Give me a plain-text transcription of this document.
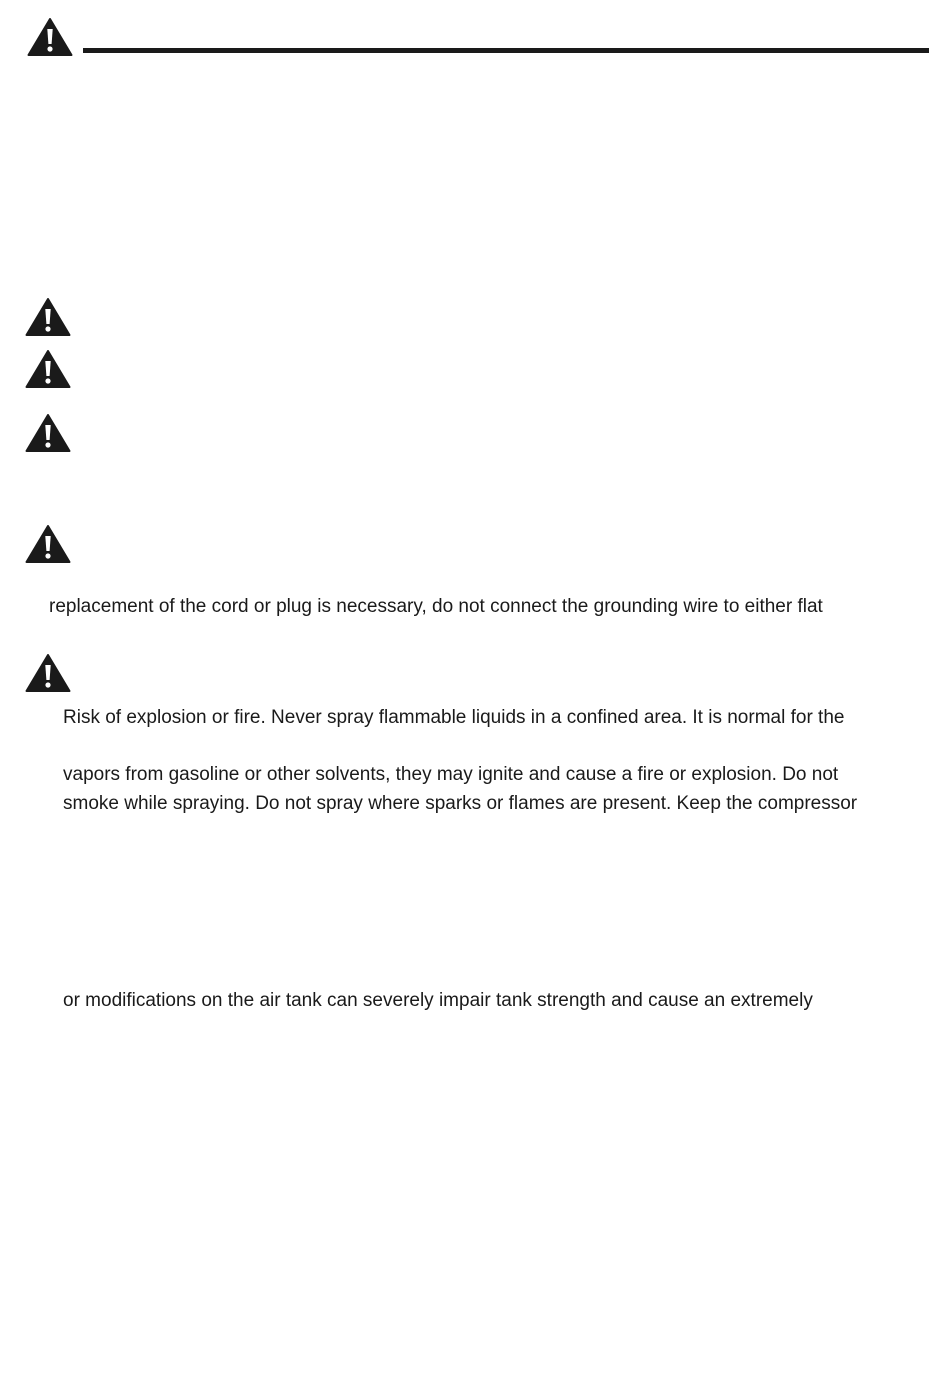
replacement of the cord or plug is necessary, do not connect the grounding wire to either flat
Risk of explosion or fire. Never spray flammable liquids in a confined area. It is normal for the
vapors from gasoline or other solvents, they may ignite and cause a fire or explosion. Do not
smoke while spraying. Do not spray where sparks or flames are present. Keep the compressor
or modifications on the air tank can severely impair tank strength and cause an extremely
